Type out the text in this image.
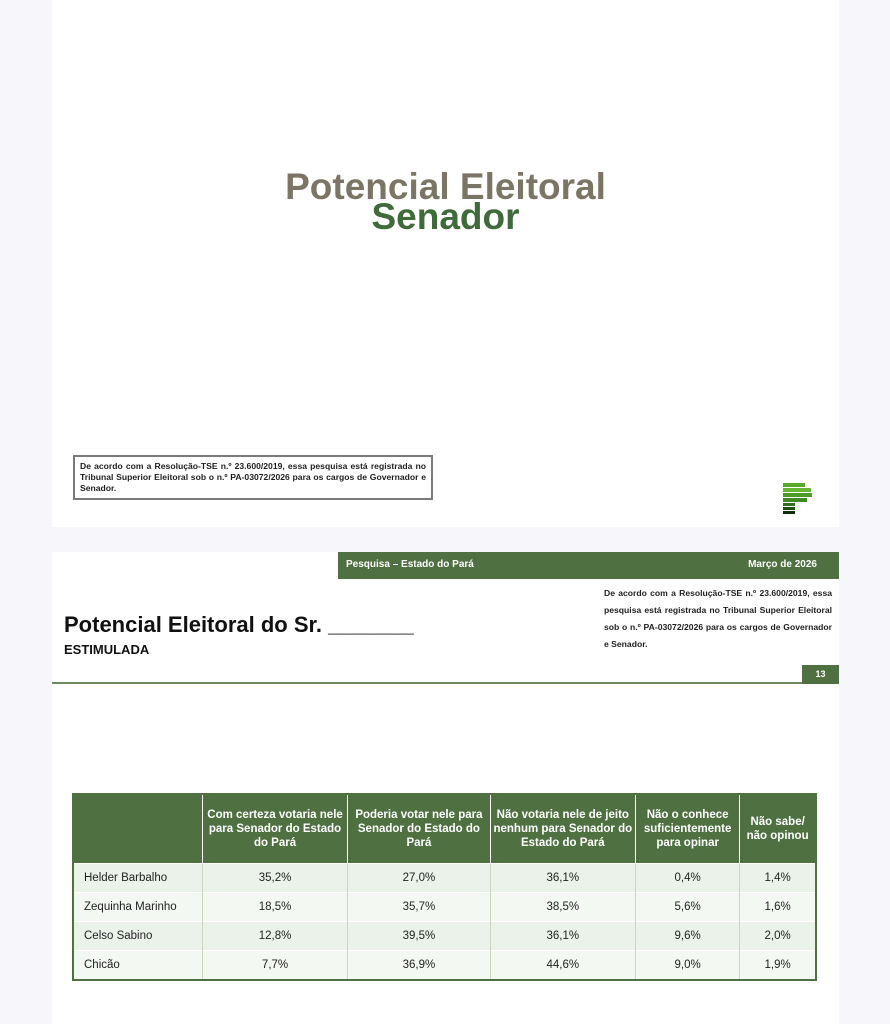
Potencial Eleitoral
Senador
De acordo com a Resolução-TSE n.º 23.600/2019, essa pesquisa está registrada no Tribunal Superior Eleitoral sob o n.º PA-03072/2026 para os cargos de Governador e Senador.
Pesquisa – Estado do Pará	Março de 2026
De acordo com a Resolução-TSE n.º 23.600/2019, essa pesquisa está registrada no Tribunal Superior Eleitoral sob o n.º PA-03072/2026 para os cargos de Governador e Senador.
Potencial Eleitoral do Sr. _______
ESTIMULADA
13
	Com certeza votaria nele para Senador do Estado do Pará	Poderia votar nele para Senador do Estado do Pará	Não votaria nele de jeito nenhum para Senador do Estado do Pará	Não o conhece suficientemente para opinar	Não sabe/ não opinou
Helder Barbalho	35,2%	27,0%	36,1%	0,4%	1,4%
Zequinha Marinho	18,5%	35,7%	38,5%	5,6%	1,6%
Celso Sabino	12,8%	39,5%	36,1%	9,6%	2,0%
Chicão	7,7%	36,9%	44,6%	9,0%	1,9%
